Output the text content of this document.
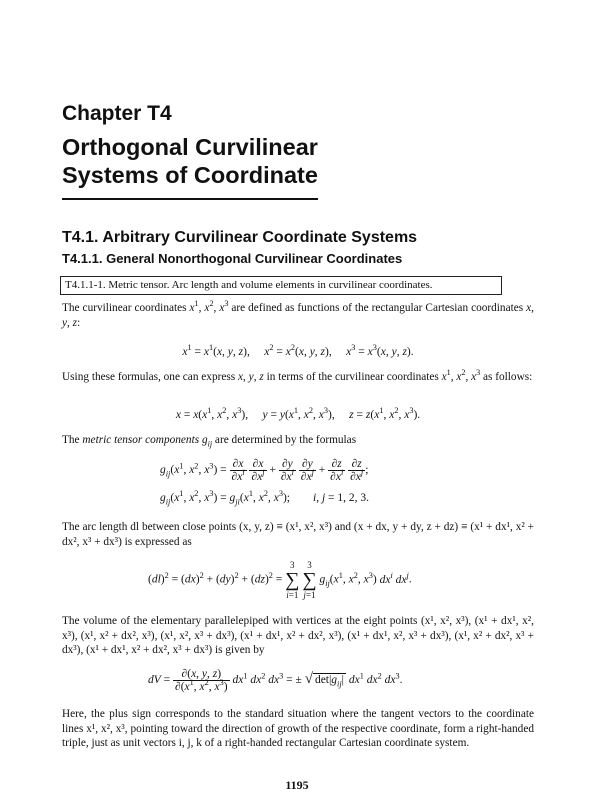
Chapter T4
Orthogonal Curvilinear
Systems of Coordinate
T4.1. Arbitrary Curvilinear Coordinate Systems
T4.1.1. General Nonorthogonal Curvilinear Coordinates
T4.1.1-1. Metric tensor. Arc length and volume elements in curvilinear coordinates.
The curvilinear coordinates $x^1$, $x^2$, $x^3$ are defined as functions of the rectangular Cartesian coordinates x, y, z:
$x^1 = x^1(x$, y, z),     $x^2 = x^2(x$, y, z),     $x^3 = x^3(x$, y, z).
Using these formulas, one can express x, y, z in terms of the curvilinear coordinates $x^1$, $x^2$, $x^3$ as follows:
$x = x(x^1$, $x^2$, $x^3$),     $y = y(x^1$, $x^2$, $x^3$),     $z = z(x^1$, $x^2$, $x^3$).
The metric tensor components $g_{ij}$ are determined by the formulas
$g_{ij}(x^1$, $x^2$, $x^3) = \frac{\partial x}{\partial x^i}$
$\frac{\partial x}{\partial x^j} + \frac{\partial y}{\partial x^i}$
$\frac{\partial y}{\partial x^j} + \frac{\partial z}{\partial x^i}$
$\frac{\partial z}{\partial x^j}$ ;
$g_{ij}(x^1$, $x^2$, $x^3) = g_{ji}(x^1$, $x^2$, $x^3$);        i, j = 1, 2, 3.
The arc length dl between close points (x, y, z) ≡ (x¹, x², x³) and (x + dx, y + dy, z + dz) ≡ (x¹ + dx¹, x² + dx², x³ + dx³) is expressed as
(dl)$^2$ = (dx)$^2$ + (dy)$^2$ + (dz)$^2$ =
3
∑
i=1

3
∑
j=1
$g_{ij}(x^1$, $x^2$, $x^3$) $dx^i$ $dx^j$.
The volume of the elementary parallelepiped with vertices at the eight points (x¹, x², x³), (x¹ + dx¹, x², x³), (x¹, x² + dx², x³), (x¹, x², x³ + dx³), (x¹ + dx¹, x² + dx², x³), (x¹ + dx¹, x², x³ + dx³), (x¹, x² + dx², x³ + dx³), (x¹ + dx¹, x² + dx², x³ + dx³) is given by
dV = $\frac{\partial(x, y, z)}{\partial(x^1, x^2, x^3)} dx^1$ $dx^2$ $dx^3$ = ± √ $\det|g_{ij}|$ $dx^1$ $dx^2$ $dx^3$.
Here, the plus sign corresponds to the standard situation where the tangent vectors to the coordinate lines x¹, x², x³, pointing toward the direction of growth of the respective coordinate, form a right-handed triple, just as unit vectors i, j, k of a right-handed rectangular Cartesian coordinate system.
1195
